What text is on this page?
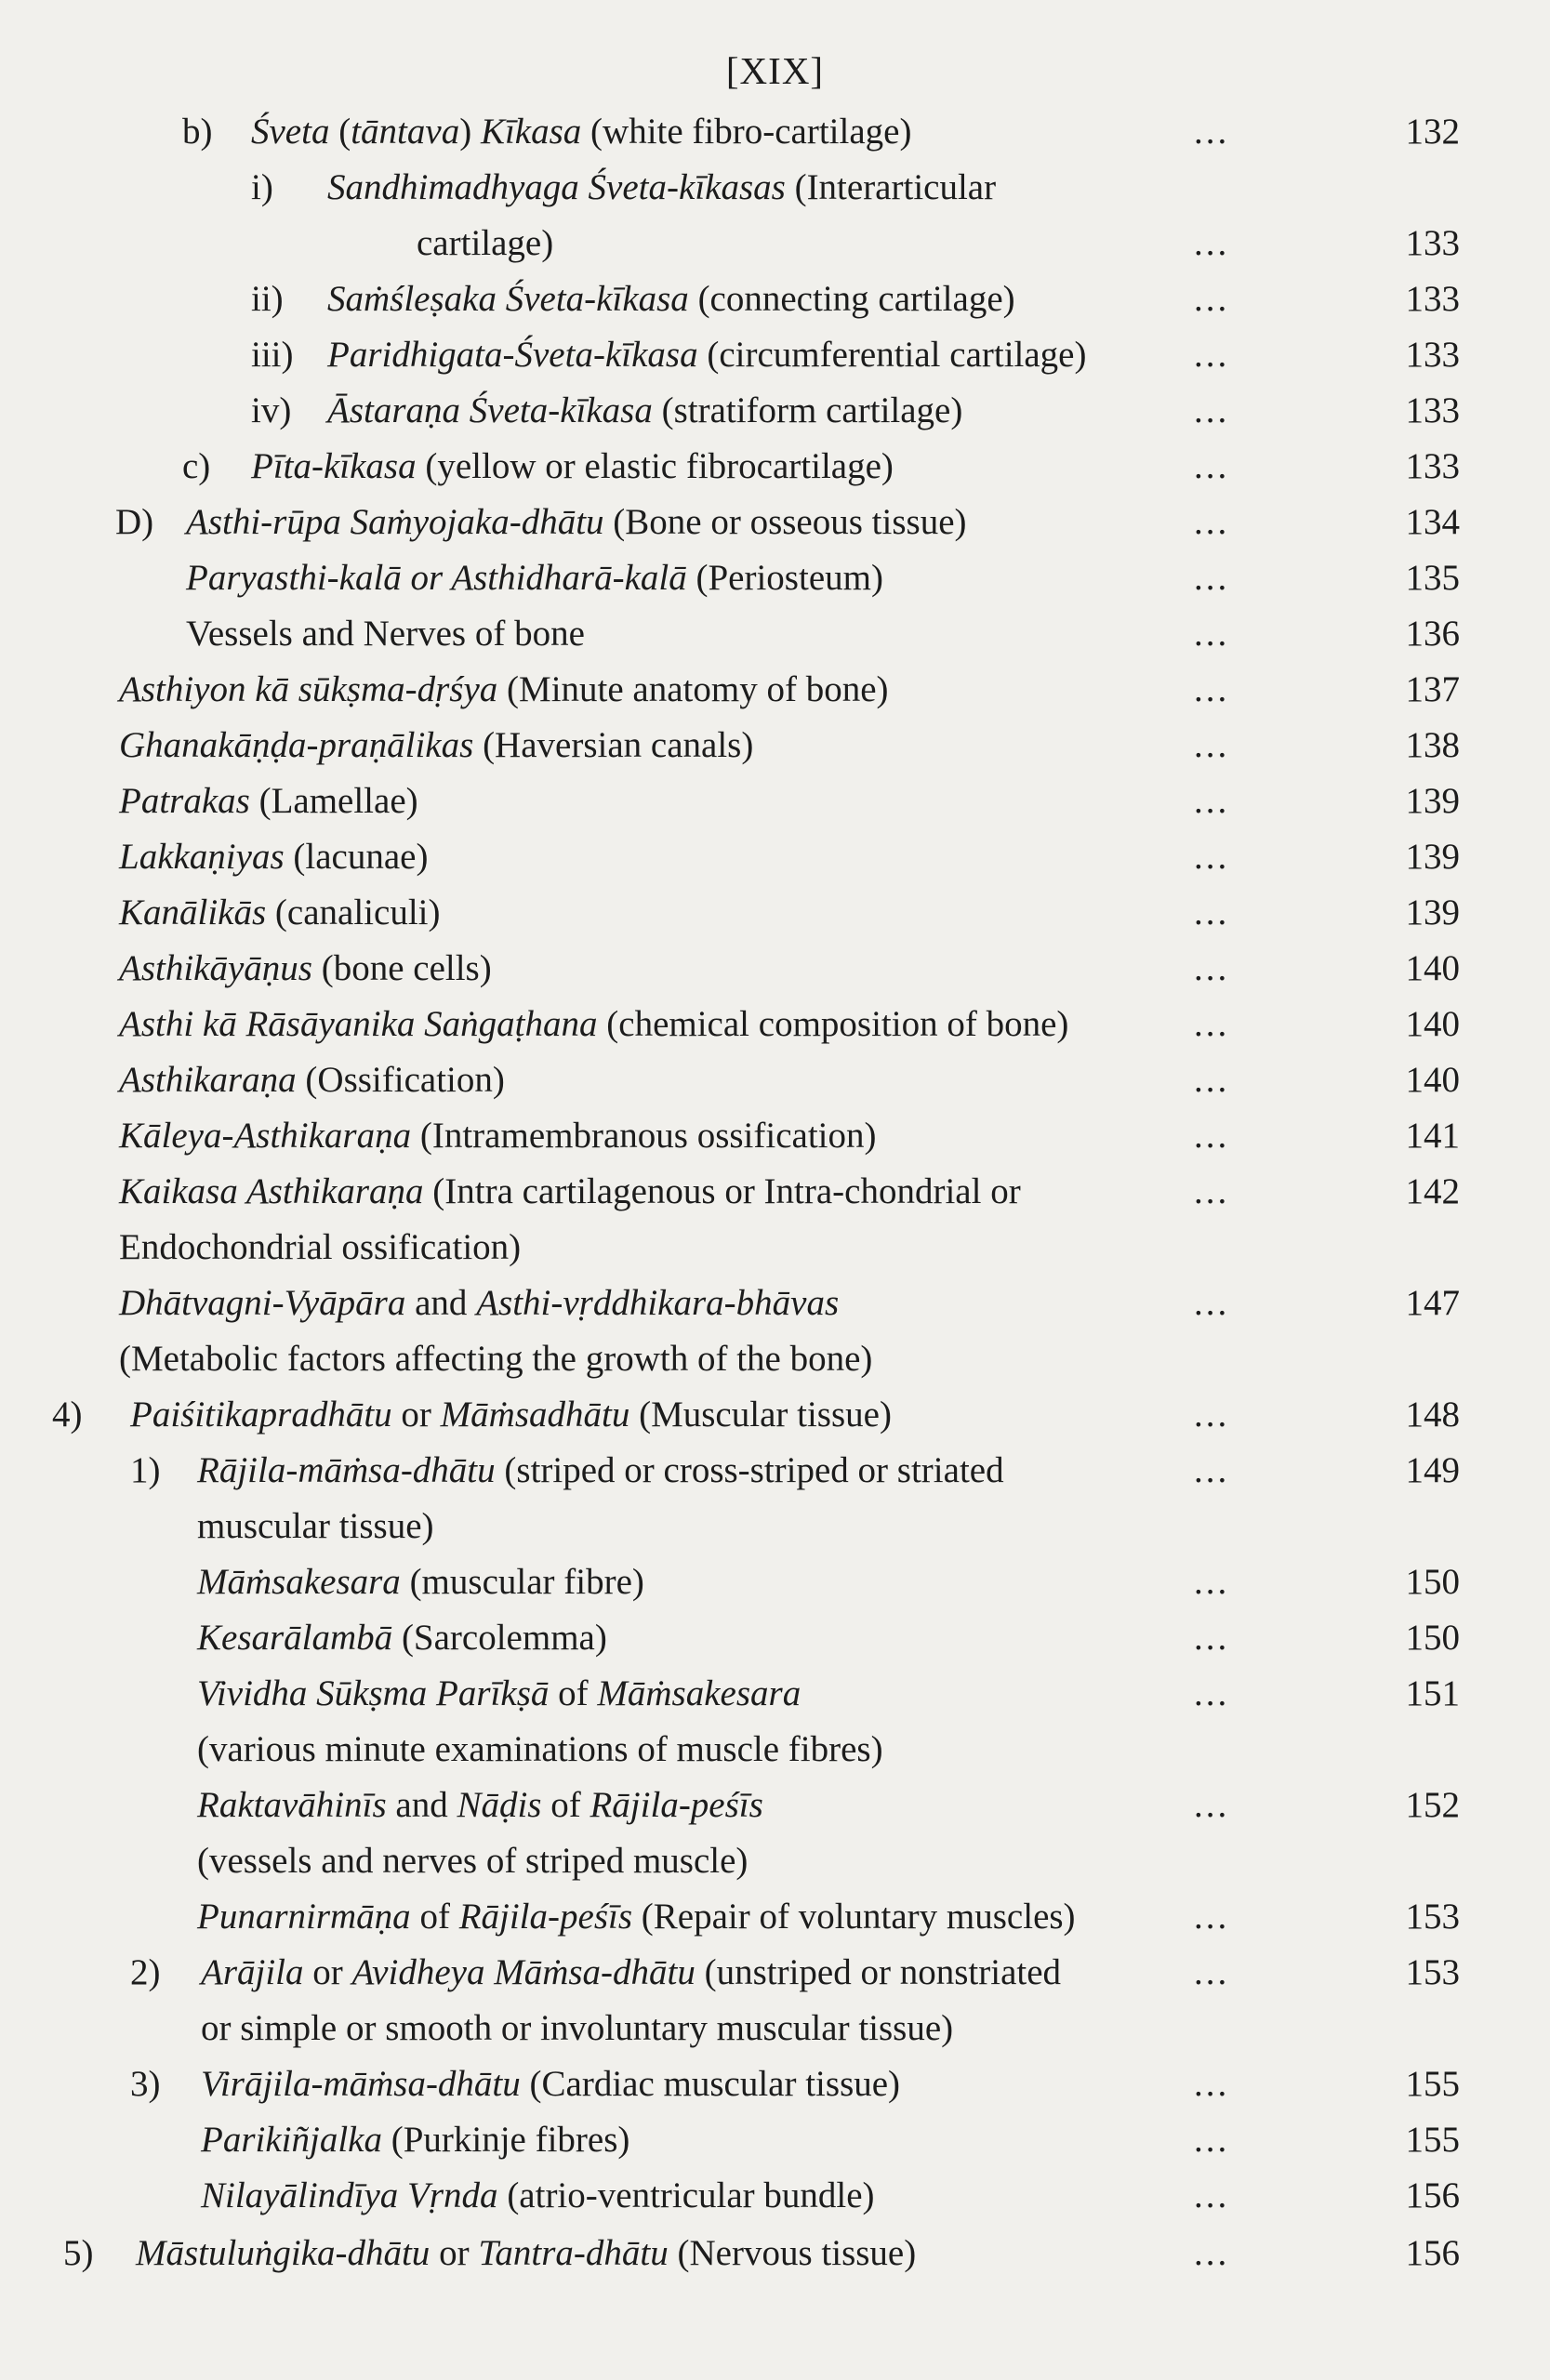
[XIX]
b) Śveta (tāntava) Kīkasa (white fibro-cartilage)	...	132
i) Sandhimadhyaga Śveta-kīkasas (Interarticular
cartilage)	...	133
ii) Saṁśleṣaka Śveta-kīkasa (connecting cartilage)	...	133
iii) Paridhigata-Śveta-kīkasa (circumferential cartilage)	...	133
iv) Āstaraṇa Śveta-kīkasa (stratiform cartilage)	...	133
c) Pīta-kīkasa (yellow or elastic fibrocartilage)	...	133
D) Asthi-rūpa Saṁyojaka-dhātu (Bone or osseous tissue)	...	134
Paryasthi-kalā or Asthidharā-kalā (Periosteum)	...	135
Vessels and Nerves of bone	...	136
Asthiyon kā sūkṣma-dṛśya (Minute anatomy of bone)	...	137
Ghanakāṇḍa-praṇālikas (Haversian canals)	...	138
Patrakas (Lamellae)	...	139
Lakkaṇiyas (lacunae)	...	139
Kanālikās (canaliculi)	...	139
Asthikāyāṇus (bone cells)	...	140
Asthi kā Rāsāyanika Saṅgaṭhana (chemical composition of bone)	...	140
Asthikaraṇa (Ossification)	...	140
Kāleya-Asthikaraṇa (Intramembranous ossification)	...	141
Kaikasa Asthikaraṇa (Intra cartilagenous or Intra-chondrial or	...	142
Endochondrial ossification)
Dhātvagni-Vyāpāra and Asthi-vṛddhikara-bhāvas	...	147
(Metabolic factors affecting the growth of the bone)
4) Paiśitikapradhātu or Māṁsadhātu (Muscular tissue)	...	148
1) Rājila-māṁsa-dhātu (striped or cross-striped or striated	...	149
muscular tissue)
Māṁsakesara (muscular fibre)	...	150
Kesarālambā (Sarcolemma)	...	150
Vividha Sūkṣma Parīkṣā of Māṁsakesara	...	151
(various minute examinations of muscle fibres)
Raktavāhinīs and Nāḍis of Rājila-peśīs	...	152
(vessels and nerves of striped muscle)
Punarnirmāṇa of Rājila-peśīs (Repair of voluntary muscles)	...	153
2) Arājila or Avidheya Māṁsa-dhātu (unstriped or nonstriated	...	153
or simple or smooth or involuntary muscular tissue)
3) Virājila-māṁsa-dhātu (Cardiac muscular tissue)	...	155
Parikiñjalka (Purkinje fibres)	...	155
Nilayālindīya Vṛnda (atrio-ventricular bundle)	...	156
5) Māstuluṅgika-dhātu or Tantra-dhātu (Nervous tissue)	...	156
